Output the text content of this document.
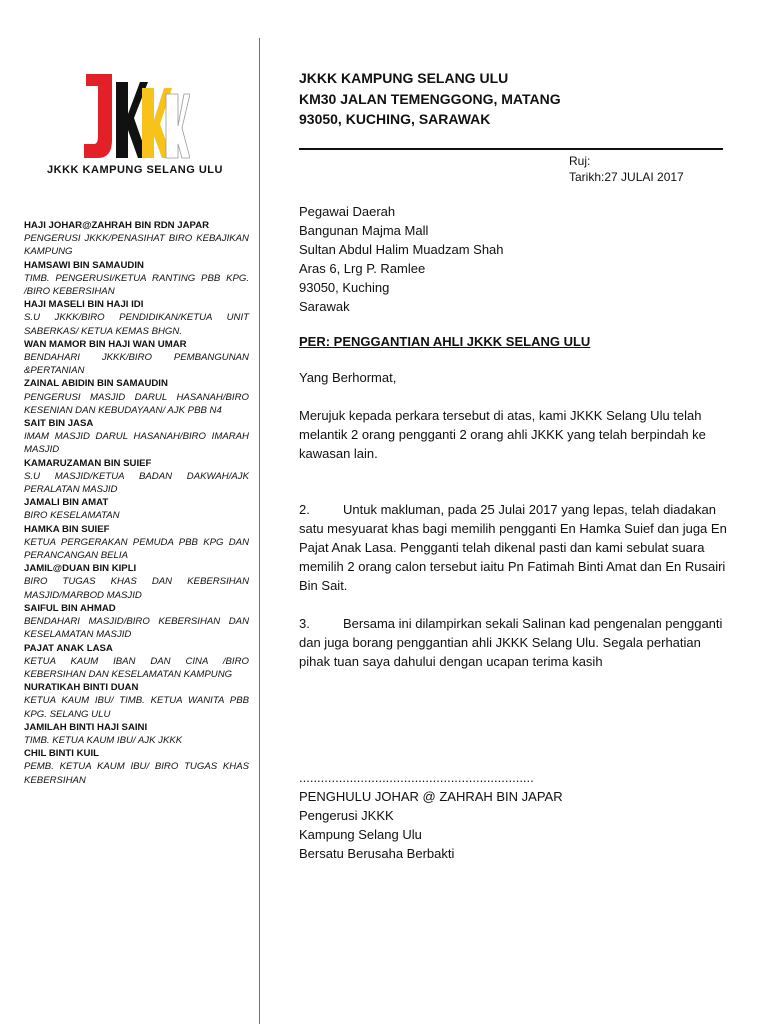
JKKK KAMPUNG SELANG ULU
HAJI JOHAR@ZAHRAH BIN RDN JAPAR
PENGERUSI JKKK/PENASIHAT BIRO KEBAJIKAN KAMPUNG
HAMSAWI BIN SAMAUDIN
TIMB. PENGERUSI/KETUA RANTING PBB KPG. /BIRO KEBERSIHAN
HAJI MASELI BIN HAJI IDI
S.U JKKK/BIRO PENDIDIKAN/KETUA UNIT SABERKAS/ KETUA KEMAS BHGN.
WAN MAMOR BIN HAJI WAN UMAR
BENDAHARI JKKK/BIRO PEMBANGUNAN &PERTANIAN
ZAINAL ABIDIN BIN SAMAUDIN
PENGERUSI MASJID DARUL HASANAH/BIRO KESENIAN DAN KEBUDAYAAN/ AJK PBB N4
SAIT BIN JASA
IMAM MASJID DARUL HASANAH/BIRO IMARAH MASJID
KAMARUZAMAN BIN SUIEF
S.U MASJID/KETUA BADAN DAKWAH/AJK PERALATAN MASJID
JAMALI BIN AMAT
BIRO KESELAMATAN
HAMKA BIN SUIEF
KETUA PERGERAKAN PEMUDA PBB KPG DAN PERANCANGAN BELIA
JAMIL@DUAN BIN KIPLI
BIRO TUGAS KHAS DAN KEBERSIHAN MASJID/MARBOD MASJID
SAIFUL BIN AHMAD
BENDAHARI MASJID/BIRO KEBERSIHAN DAN KESELAMATAN MASJID
PAJAT ANAK LASA
KETUA KAUM IBAN DAN CINA /BIRO KEBERSIHAN DAN KESELAMATAN KAMPUNG
NURATIKAH BINTI DUAN
KETUA KAUM IBU/ TIMB. KETUA WANITA PBB KPG. SELANG ULU
JAMILAH BINTI HAJI SAINI
TIMB. KETUA KAUM IBU/ AJK JKKK
CHIL BINTI KUIL
PEMB. KETUA KAUM IBU/ BIRO TUGAS KHAS KEBERSIHAN
JKKK KAMPUNG SELANG ULU
KM30 JALAN TEMENGGONG, MATANG
93050, KUCHING, SARAWAK
Ruj:
Tarikh:27 JULAI 2017
Pegawai Daerah
Bangunan Majma Mall
Sultan Abdul Halim Muadzam Shah
Aras 6, Lrg P. Ramlee
93050, Kuching
Sarawak
PER: PENGGANTIAN AHLI JKKK SELANG ULU
Yang Berhormat,
Merujuk kepada perkara tersebut di atas, kami JKKK Selang Ulu telah melantik 2 orang pengganti 2 orang ahli JKKK yang telah berpindah ke kawasan lain.
2.	Untuk makluman, pada 25 Julai 2017 yang lepas, telah diadakan satu mesyuarat khas bagi memilih pengganti En Hamka Suief dan juga En Pajat Anak Lasa. Pengganti telah dikenal pasti dan kami sebulat suara memilih 2 orang calon tersebut iaitu Pn Fatimah Binti Amat dan En Rusairi Bin Sait.
3.	Bersama ini dilampirkan sekali Salinan kad pengenalan pengganti dan juga borang penggantian ahli JKKK Selang Ulu. Segala perhatian pihak tuan saya dahului dengan ucapan terima kasih
.................................................................
PENGHULU JOHAR @ ZAHRAH BIN JAPAR
Pengerusi JKKK
Kampung Selang Ulu
Bersatu Berusaha Berbakti
